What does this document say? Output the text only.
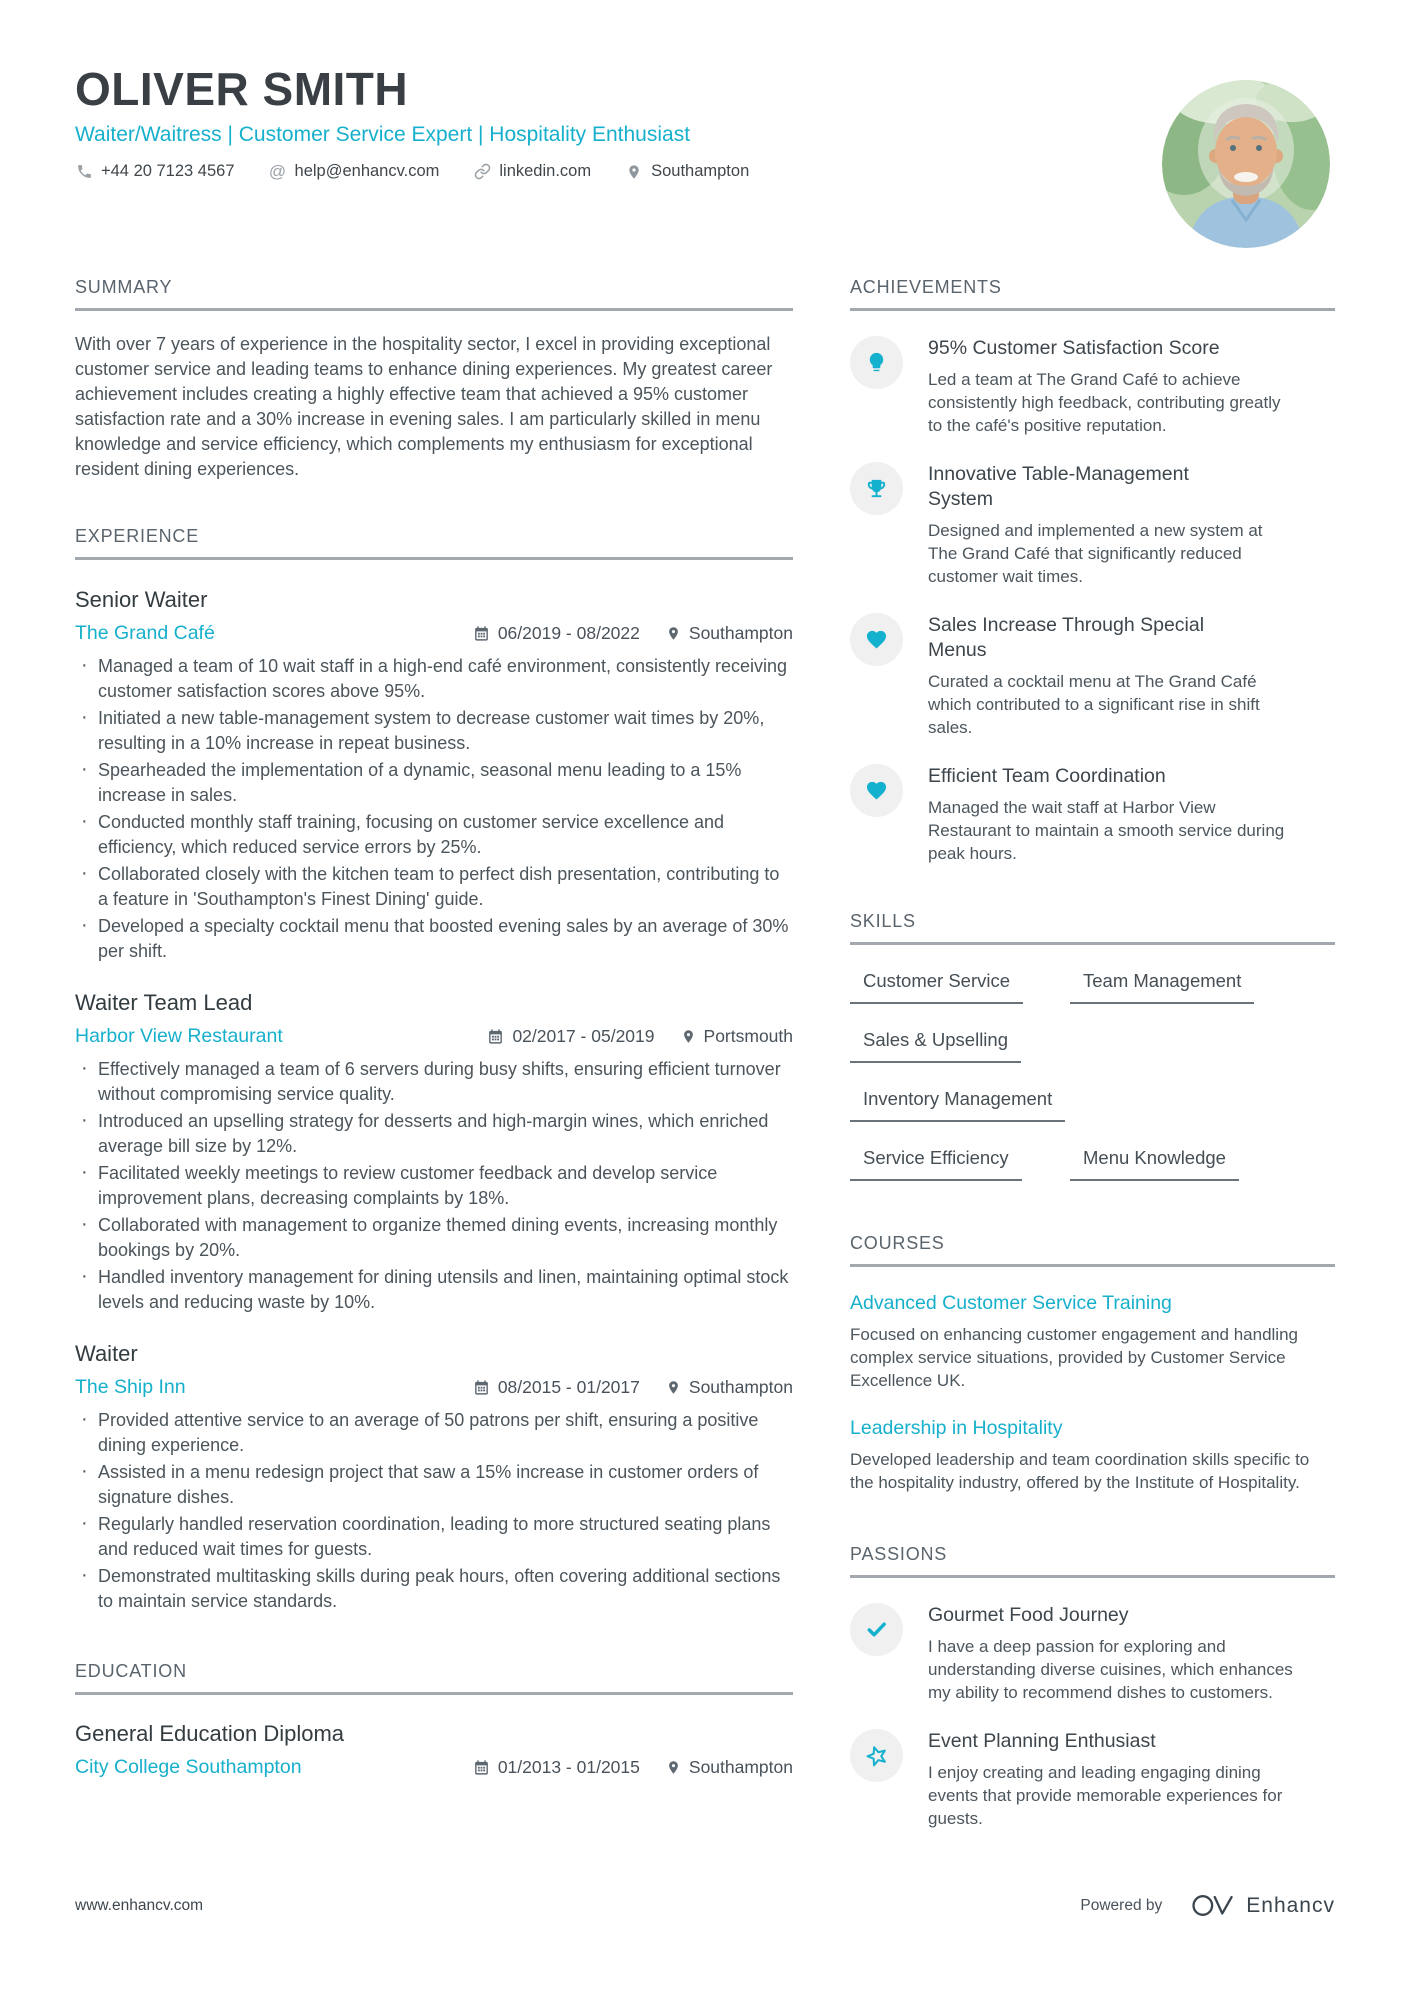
OLIVER SMITH
Waiter/Waitress | Customer Service Expert | Hospitality Enthusiast
+44 20 7123 4567 @ help@enhancv.com	linkedin.com	Southampton
SUMMARY

With over 7 years of experience in the hospitality sector, I excel in providing exceptional customer service and leading teams to enhance dining experiences. My greatest career achievement includes creating a highly effective team that achieved a 95% customer satisfaction rate and a 30% increase in evening sales. I am particularly skilled in menu knowledge and service efficiency, which complements my enthusiasm for exceptional resident dining experiences.

EXPERIENCE
Senior Waiter
The Grand Café	06/2019 - 08/2022	Southampton
· Managed a team of 10 wait staff in a high-end café environment, consistently receiving customer satisfaction scores above 95%.
· Initiated a new table-management system to decrease customer wait times by 20%, resulting in a 10% increase in repeat business.
· Spearheaded the implementation of a dynamic, seasonal menu leading to a 15% increase in sales.
· Conducted monthly staff training, focusing on customer service excellence and efficiency, which reduced service errors by 25%.
· Collaborated closely with the kitchen team to perfect dish presentation, contributing to a feature in 'Southampton's Finest Dining' guide.
· Developed a specialty cocktail menu that boosted evening sales by an average of 30% per shift.
Waiter Team Lead
Harbor View Restaurant	02/2017 - 05/2019	Portsmouth
· Effectively managed a team of 6 servers during busy shifts, ensuring efficient turnover without compromising service quality.
· Introduced an upselling strategy for desserts and high-margin wines, which enriched average bill size by 12%.
· Facilitated weekly meetings to review customer feedback and develop service improvement plans, decreasing complaints by 18%.
· Collaborated with management to organize themed dining events, increasing monthly bookings by 20%.
· Handled inventory management for dining utensils and linen, maintaining optimal stock levels and reducing waste by 10%.
Waiter
The Ship Inn	08/2015 - 01/2017	Southampton
· Provided attentive service to an average of 50 patrons per shift, ensuring a positive dining experience.
· Assisted in a menu redesign project that saw a 15% increase in customer orders of signature dishes.
· Regularly handled reservation coordination, leading to more structured seating plans and reduced wait times for guests.
· Demonstrated multitasking skills during peak hours, often covering additional sections to maintain service standards.
EDUCATION
General Education Diploma
City College Southampton	01/2013 - 01/2015	Southampton
ACHIEVEMENTS
95% Customer Satisfaction Score
Led a team at The Grand Café to achieve consistently high feedback, contributing greatly to the café's positive reputation.
Innovative Table-Management System
Designed and implemented a new system at The Grand Café that significantly reduced customer wait times.
Sales Increase Through Special Menus
Curated a cocktail menu at The Grand Café which contributed to a significant rise in shift sales.
Efficient Team Coordination
Managed the wait staff at Harbor View Restaurant to maintain a smooth service during peak hours.
SKILLS
Customer Service	Team Management
Sales & Upselling
Inventory Management
Service Efficiency	Menu Knowledge
COURSES
Advanced Customer Service Training
Focused on enhancing customer engagement and handling complex service situations, provided by Customer Service Excellence UK.
Leadership in Hospitality
Developed leadership and team coordination skills specific to the hospitality industry, offered by the Institute of Hospitality.
PASSIONS
Gourmet Food Journey
I have a deep passion for exploring and understanding diverse cuisines, which enhances my ability to recommend dishes to customers.
Event Planning Enthusiast
I enjoy creating and leading engaging dining events that provide memorable experiences for guests.
www.enhancv.com	Powered by	Enhancv
